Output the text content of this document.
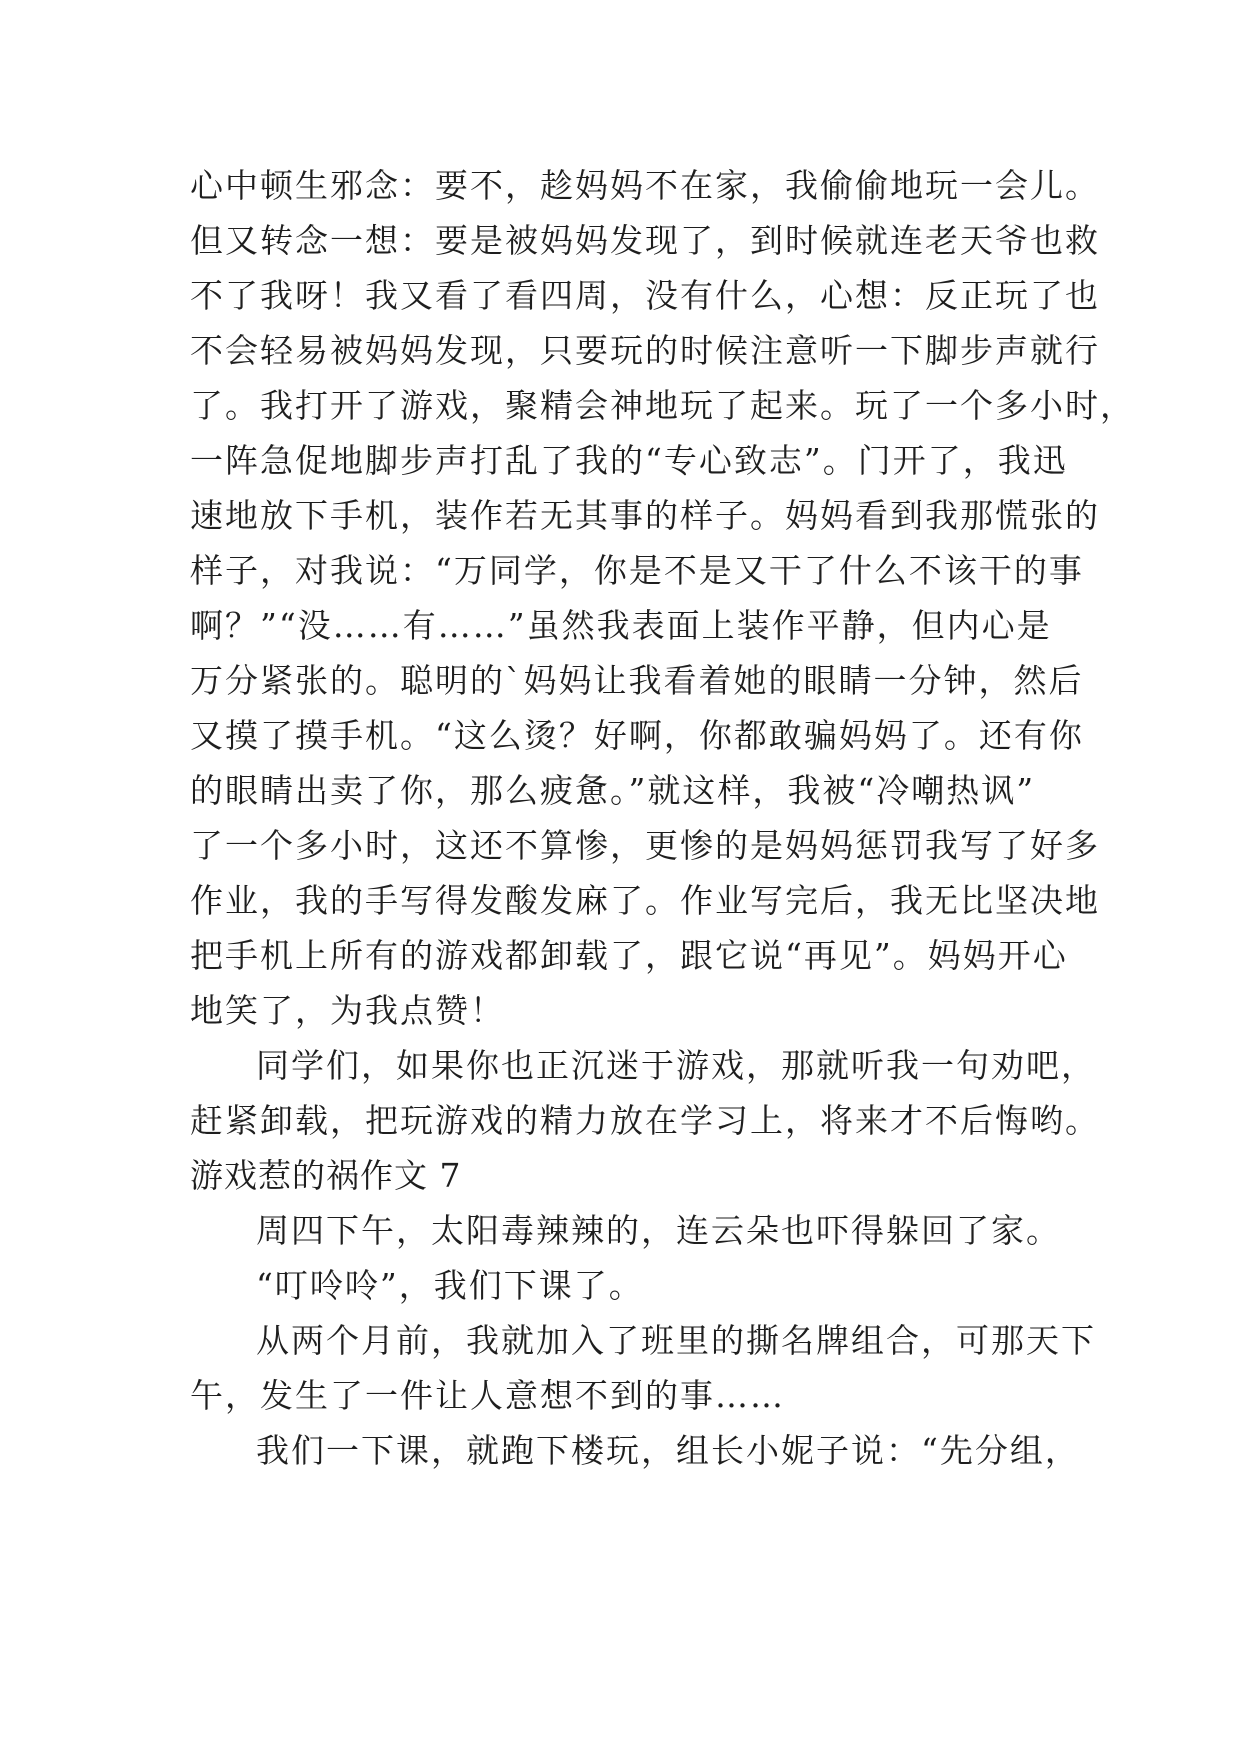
心中顿生邪念：要不，趁妈妈不在家，我偷偷地玩一会儿。
但又转念一想：要是被妈妈发现了，到时候就连老天爷也救
不了我呀！我又看了看四周，没有什么，心想：反正玩了也
不会轻易被妈妈发现，只要玩的时候注意听一下脚步声就行
了。我打开了游戏，聚精会神地玩了起来。玩了一个多小时，
一阵急促地脚步声打乱了我的“专心致志”。门开了，我迅
速地放下手机，装作若无其事的样子。妈妈看到我那慌张的
样子，对我说：“万同学，你是不是又干了什么不该干的事
啊？”“没……有……”虽然我表面上装作平静，但内心是
万分紧张的。聪明的`妈妈让我看着她的眼睛一分钟，然后
又摸了摸手机。“这么烫？好啊，你都敢骗妈妈了。还有你
的眼睛出卖了你，那么疲惫。”就这样，我被“冷嘲热讽”
了一个多小时，这还不算惨，更惨的是妈妈惩罚我写了好多
作业，我的手写得发酸发麻了。作业写完后，我无比坚决地
把手机上所有的游戏都卸载了，跟它说“再见”。妈妈开心
地笑了，为我点赞！
同学们，如果你也正沉迷于游戏，那就听我一句劝吧，
赶紧卸载，把玩游戏的精力放在学习上，将来才不后悔哟。
游戏惹的祸作文 7
周四下午，太阳毒辣辣的，连云朵也吓得躲回了家。
“叮呤呤”，我们下课了。
从两个月前，我就加入了班里的撕名牌组合，可那天下
午，发生了一件让人意想不到的事……
我们一下课，就跑下楼玩，组长小妮子说：“先分组，
